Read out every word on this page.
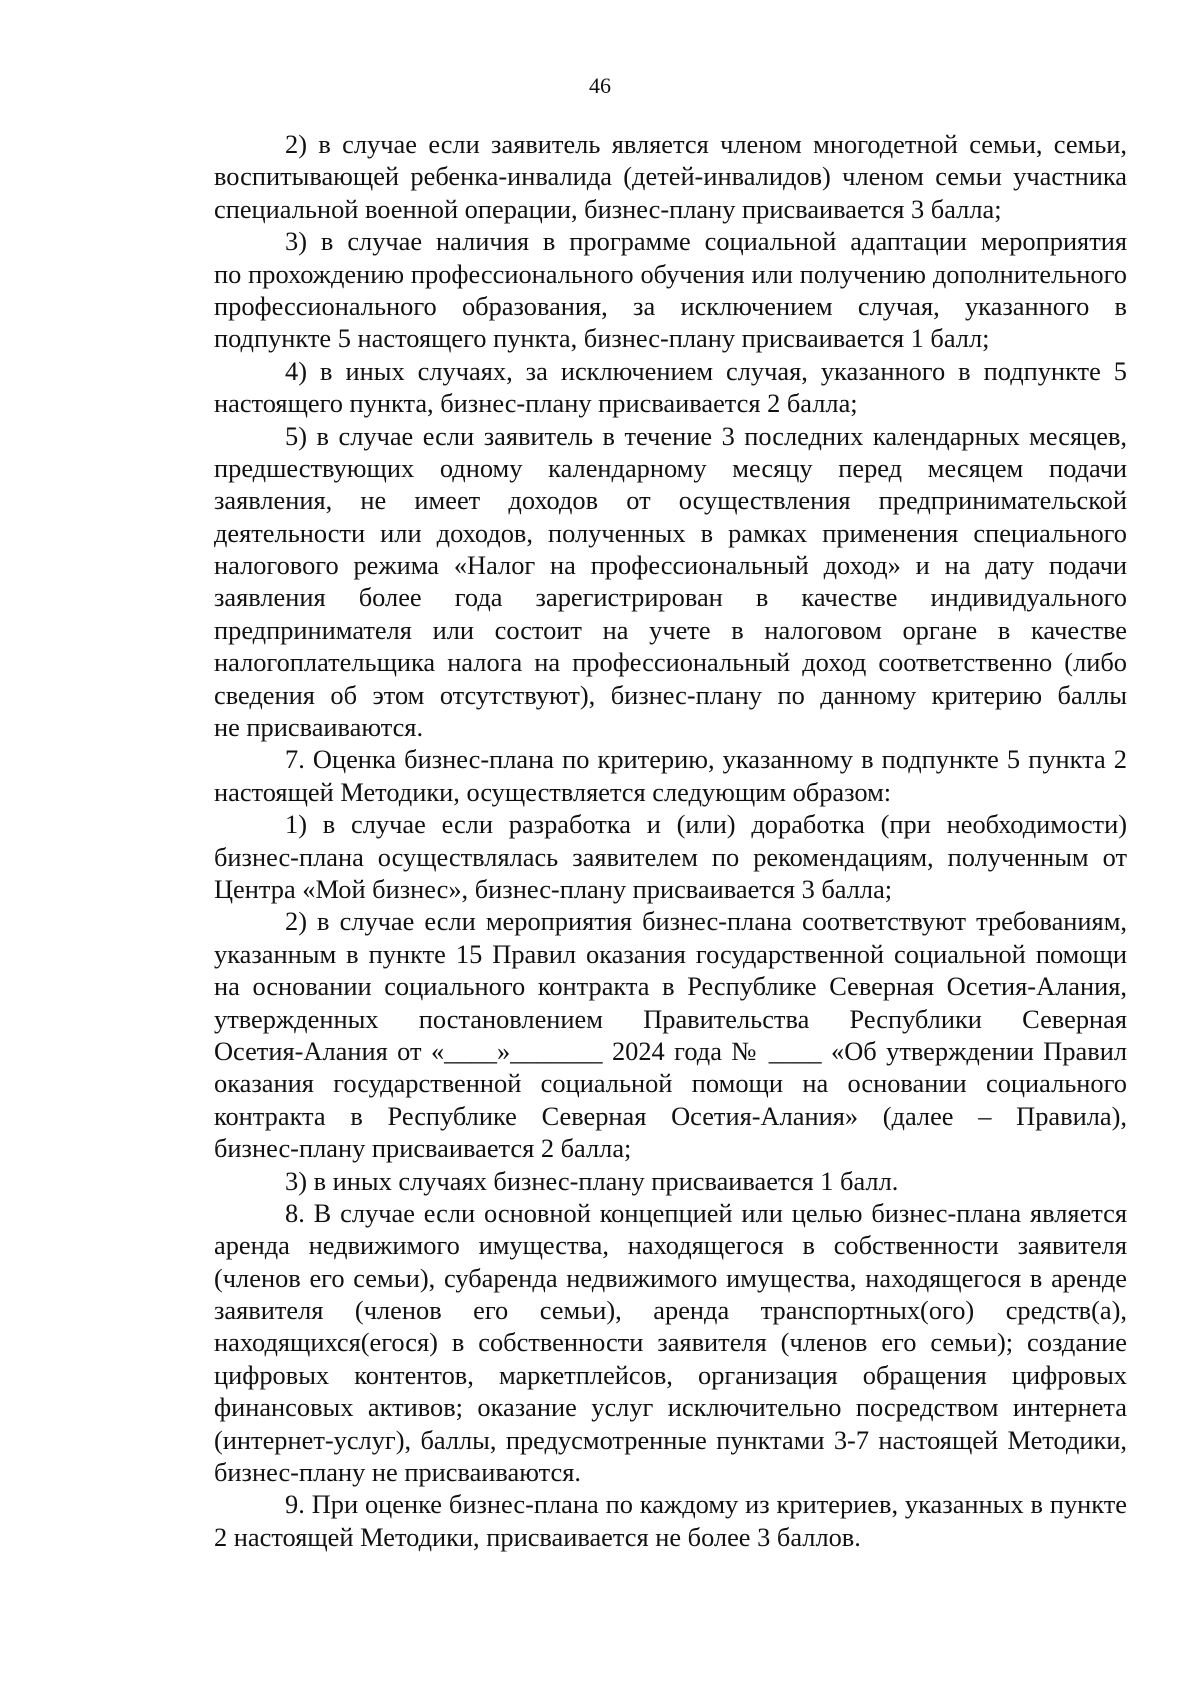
46
2) в случае если заявитель является членом многодетной семьи, семьи,
воспитывающей ребенка-инвалида (детей-инвалидов) членом семьи участника
специальной военной операции, бизнес-плану присваивается 3 балла;
3) в случае наличия в программе социальной адаптации мероприятия
по прохождению профессионального обучения или получению дополнительного
профессионального образования, за исключением случая, указанного в
подпункте 5 настоящего пункта, бизнес-плану присваивается 1 балл;
4) в иных случаях, за исключением случая, указанного в подпункте 5
настоящего пункта, бизнес-плану присваивается 2 балла;
5) в случае если заявитель в течение 3 последних календарных месяцев,
предшествующих одному календарному месяцу перед месяцем подачи
заявления, не имеет доходов от осуществления предпринимательской
деятельности или доходов, полученных в рамках применения специального
налогового режима «Налог на профессиональный доход» и на дату подачи
заявления более года зарегистрирован в качестве индивидуального
предпринимателя или состоит на учете в налоговом органе в качестве
налогоплательщика налога на профессиональный доход соответственно (либо
сведения об этом отсутствуют), бизнес-плану по данному критерию баллы
не присваиваются.
7. Оценка бизнес-плана по критерию, указанному в подпункте 5 пункта 2
настоящей Методики, осуществляется следующим образом:
1) в случае если разработка и (или) доработка (при необходимости)
бизнес-плана осуществлялась заявителем по рекомендациям, полученным от
Центра «Мой бизнес», бизнес-плану присваивается 3 балла;
2) в случае если мероприятия бизнес-плана соответствуют требованиям,
указанным в пункте 15 Правил оказания государственной социальной помощи
на основании социального контракта в Республике Северная Осетия-Алания,
утвержденных постановлением Правительства Республики Северная
Осетия-Алания от «____»_______ 2024 года № ____ «Об утверждении Правил
оказания государственной социальной помощи на основании социального
контракта в Республике Северная Осетия-Алания» (далее – Правила),
бизнес-плану присваивается 2 балла;
3) в иных случаях бизнес-плану присваивается 1 балл.
8. В случае если основной концепцией или целью бизнес-плана является
аренда недвижимого имущества, находящегося в собственности заявителя
(членов его семьи), субаренда недвижимого имущества, находящегося в аренде
заявителя (членов его семьи), аренда транспортных(ого) средств(а),
находящихся(егося) в собственности заявителя (членов его семьи); создание
цифровых контентов, маркетплейсов, организация обращения цифровых
финансовых активов; оказание услуг исключительно посредством интернета
(интернет-услуг), баллы, предусмотренные пунктами 3-7 настоящей Методики,
бизнес-плану не присваиваются.
9. При оценке бизнес-плана по каждому из критериев, указанных в пункте
2 настоящей Методики, присваивается не более 3 баллов.
